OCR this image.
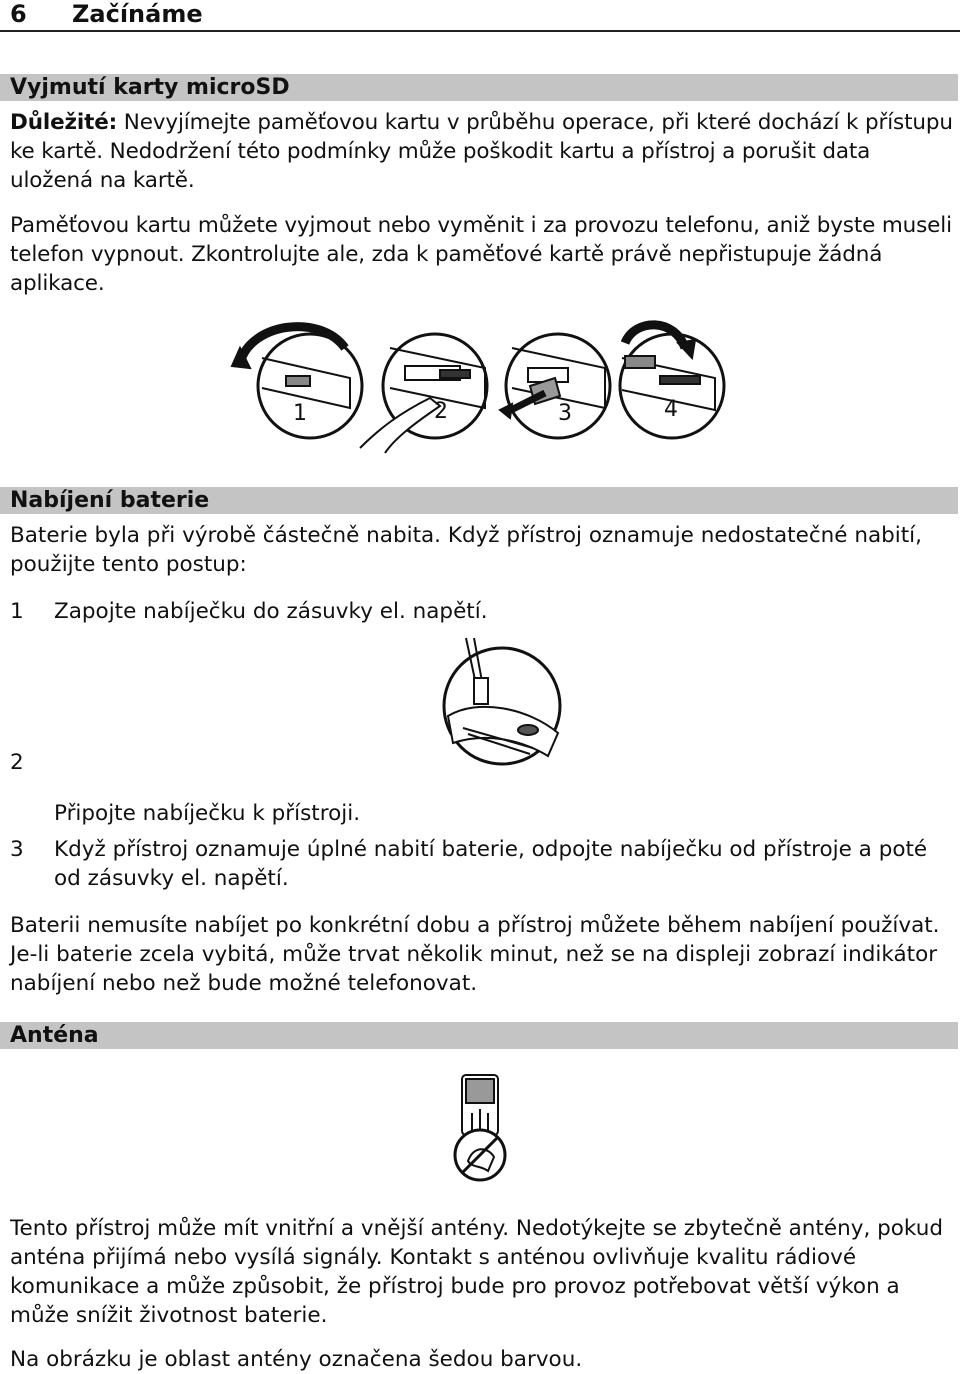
6 Začínáme
Vyjmutí karty microSD
Důležité: Nevyjímejte paměťovou kartu v průběhu operace, při které dochází k přístupu ke kartě. Nedodržení této podmínky může poškodit kartu a přístroj a porušit data uložená na kartě.
Paměťovou kartu můžete vyjmout nebo vyměnit i za provozu telefonu, aniž byste museli telefon vypnout. Zkontrolujte ale, zda k paměťové kartě právě nepřistupuje žádná aplikace.
1	2	3	4
Nabíjení baterie
Baterie byla při výrobě částečně nabita. Když přístroj oznamuje nedostatečné nabití, použijte tento postup:
1 Zapojte nabíječku do zásuvky el. napětí.
2
Připojte nabíječku k přístroji.
3 Když přístroj oznamuje úplné nabití baterie, odpojte nabíječku od přístroje a poté od zásuvky el. napětí.
Baterii nemusíte nabíjet po konkrétní dobu a přístroj můžete během nabíjení používat. Je-li baterie zcela vybitá, může trvat několik minut, než se na displeji zobrazí indikátor nabíjení nebo než bude možné telefonovat.
Anténa
Tento přístroj může mít vnitřní a vnější antény. Nedotýkejte se zbytečně antény, pokud anténa přijímá nebo vysílá signály. Kontakt s anténou ovlivňuje kvalitu rádiové komunikace a může způsobit, že přístroj bude pro provoz potřebovat větší výkon a může snížit životnost baterie.
Na obrázku je oblast antény označena šedou barvou.
